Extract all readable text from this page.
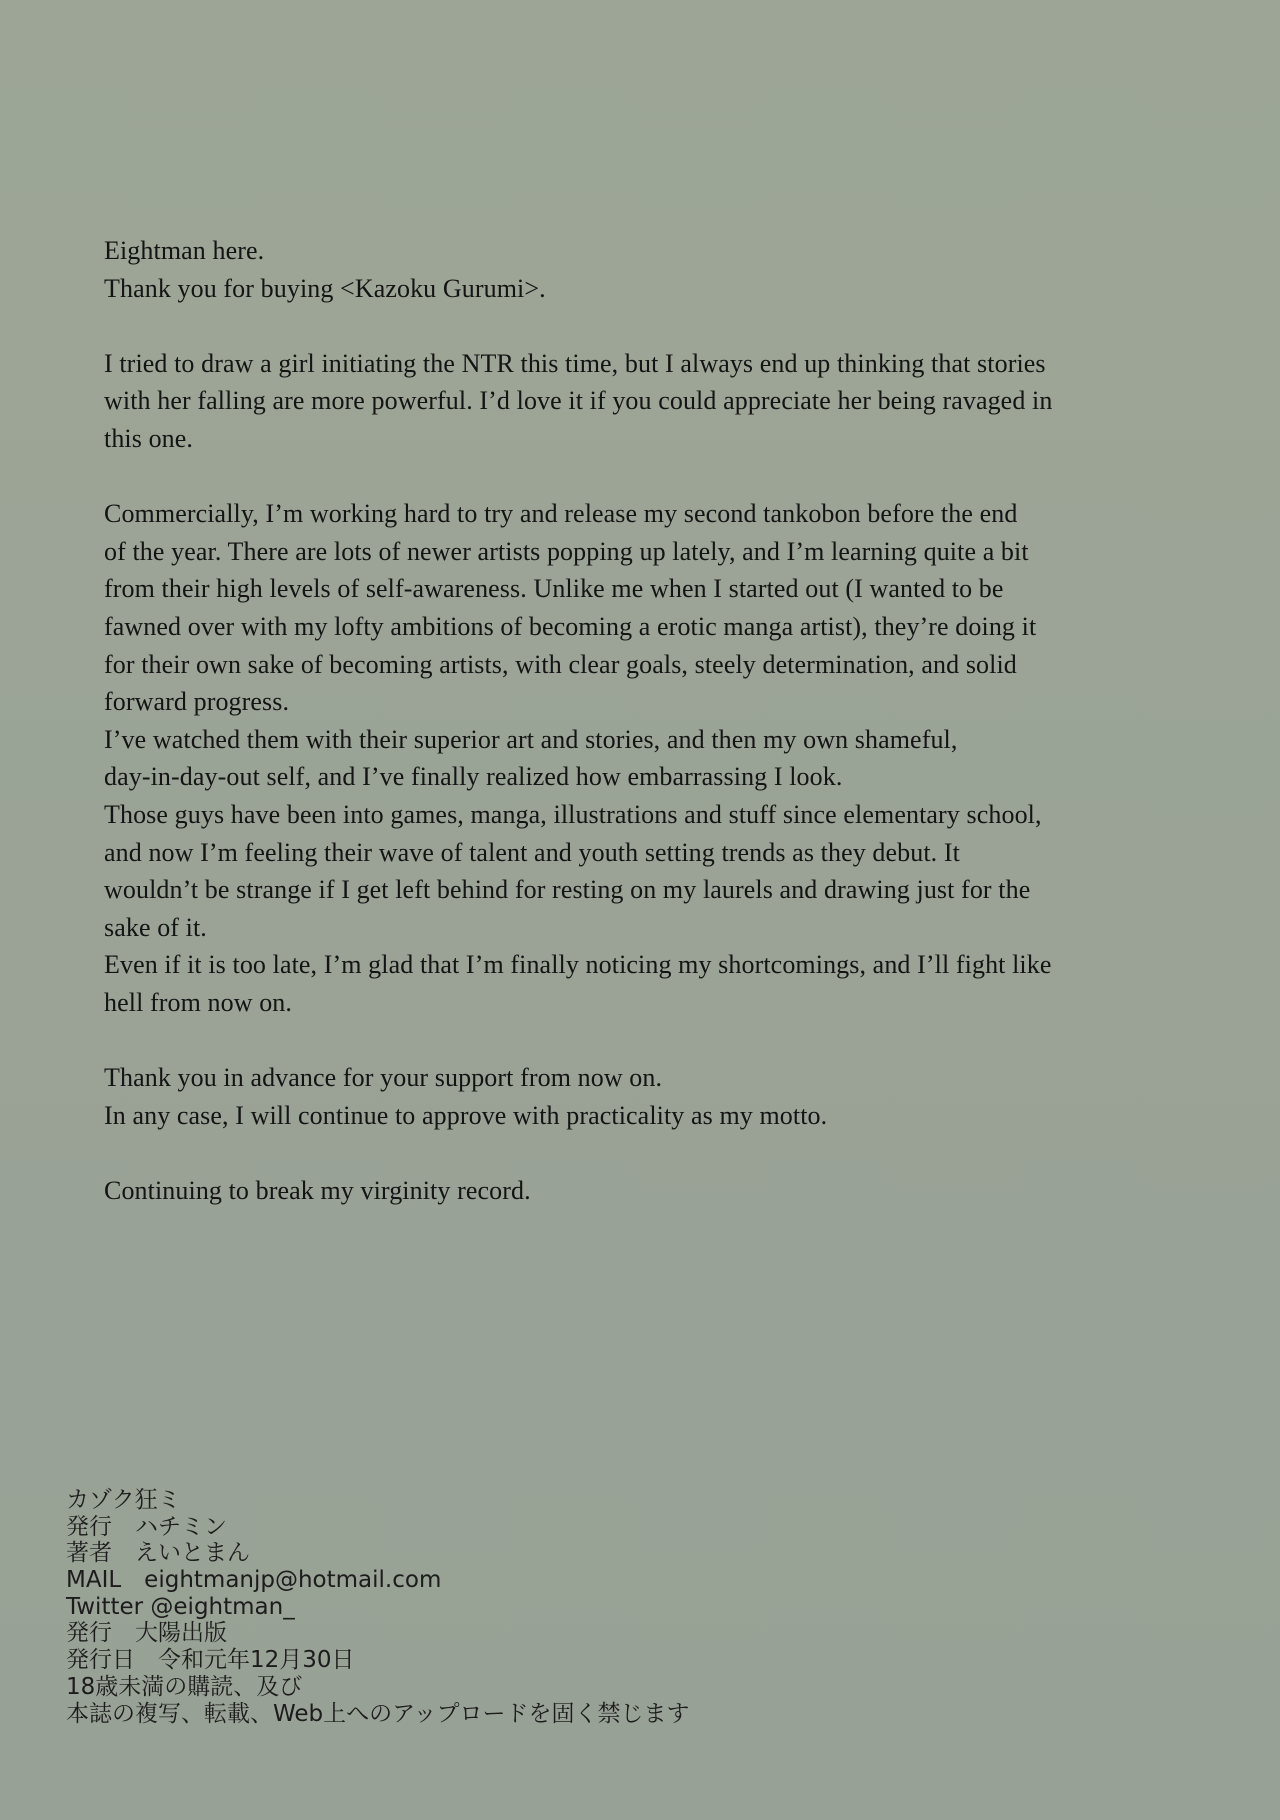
Eightman here.
Thank you for buying <Kazoku Gurumi>.
I tried to draw a girl initiating the NTR this time, but I always end up thinking that stories
with her falling are more powerful. I’d love it if you could appreciate her being ravaged in
this one.
Commercially, I’m working hard to try and release my second tankobon before the end
of the year. There are lots of newer artists popping up lately, and I’m learning quite a bit
from their high levels of self-awareness. Unlike me when I started out (I wanted to be
fawned over with my lofty ambitions of becoming a erotic manga artist), they’re doing it
for their own sake of becoming artists, with clear goals, steely determination, and solid
forward progress.
I’ve watched them with their superior art and stories, and then my own shameful,
day-in-day-out self, and I’ve finally realized how embarrassing I look.
Those guys have been into games, manga, illustrations and stuff since elementary school,
and now I’m feeling their wave of talent and youth setting trends as they debut. It
wouldn’t be strange if I get left behind for resting on my laurels and drawing just for the
sake of it.
Even if it is too late, I’m glad that I’m finally noticing my shortcomings, and I’ll fight like
hell from now on.
Thank you in advance for your support from now on.
In any case, I will continue to approve with practicality as my motto.
Continuing to break my virginity record.
カゾク狂ミ
発行　ハチミン
著者　えいとまん
MAIL　eightmanjp@hotmail.com
Twitter @eightman_
発行　大陽出版
発行日　令和元年12月30日
18歳未満の購読、及び
本誌の複写、転載、Web上へのアップロードを固く禁じます
